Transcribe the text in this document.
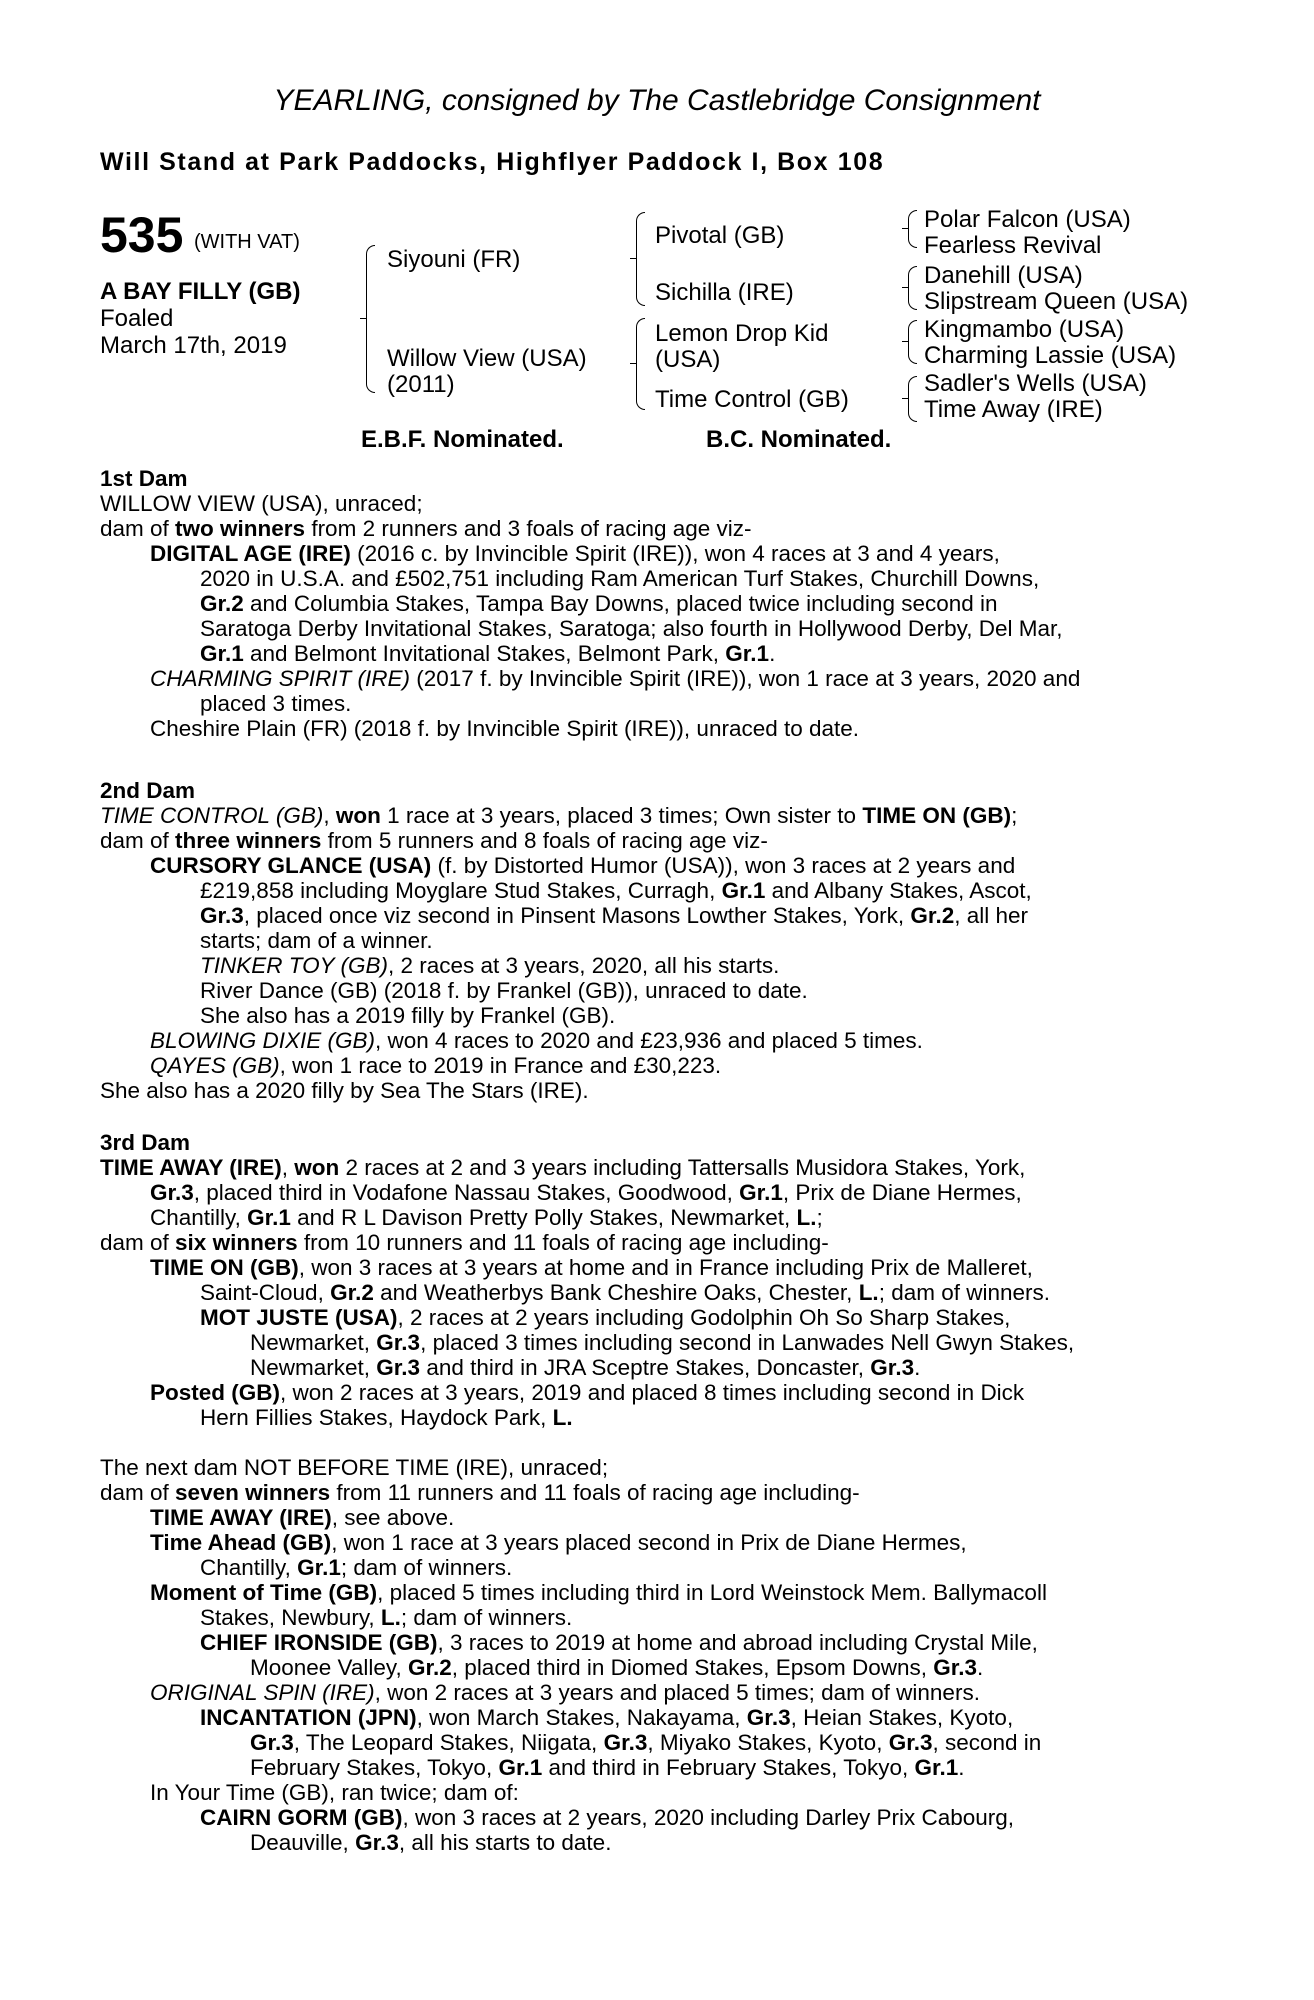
YEARLING, consigned by The Castlebridge Consignment
Will Stand at Park Paddocks, Highflyer Paddock I, Box 108
535 (WITH VAT)
A BAY FILLY (GB)
Foaled
March 17th, 2019
Siyouni (FR)
Willow View (USA)
(2011)
Pivotal (GB)
Sichilla (IRE)
Lemon Drop Kid
(USA)
Time Control (GB)
Polar Falcon (USA)
Fearless Revival
Danehill (USA)
Slipstream Queen (USA)
Kingmambo (USA)
Charming Lassie (USA)
Sadler's Wells (USA)
Time Away (IRE)
E.B.F. Nominated.	B.C. Nominated.
1st Dam
WILLOW VIEW (USA), unraced;
dam of two winners from 2 runners and 3 foals of racing age viz-
DIGITAL AGE (IRE) (2016 c. by Invincible Spirit (IRE)), won 4 races at 3 and 4 years,
2020 in U.S.A. and £502,751 including Ram American Turf Stakes, Churchill Downs,
Gr.2 and Columbia Stakes, Tampa Bay Downs, placed twice including second in
Saratoga Derby Invitational Stakes, Saratoga; also fourth in Hollywood Derby, Del Mar,
Gr.1 and Belmont Invitational Stakes, Belmont Park, Gr.1.
CHARMING SPIRIT (IRE) (2017 f. by Invincible Spirit (IRE)), won 1 race at 3 years, 2020 and
placed 3 times.
Cheshire Plain (FR) (2018 f. by Invincible Spirit (IRE)), unraced to date.
2nd Dam
TIME CONTROL (GB), won 1 race at 3 years, placed 3 times; Own sister to TIME ON (GB);
dam of three winners from 5 runners and 8 foals of racing age viz-
CURSORY GLANCE (USA) (f. by Distorted Humor (USA)), won 3 races at 2 years and
£219,858 including Moyglare Stud Stakes, Curragh, Gr.1 and Albany Stakes, Ascot,
Gr.3, placed once viz second in Pinsent Masons Lowther Stakes, York, Gr.2, all her
starts; dam of a winner.
TINKER TOY (GB), 2 races at 3 years, 2020, all his starts.
River Dance (GB) (2018 f. by Frankel (GB)), unraced to date.
She also has a 2019 filly by Frankel (GB).
BLOWING DIXIE (GB), won 4 races to 2020 and £23,936 and placed 5 times.
QAYES (GB), won 1 race to 2019 in France and £30,223.
She also has a 2020 filly by Sea The Stars (IRE).
3rd Dam
TIME AWAY (IRE), won 2 races at 2 and 3 years including Tattersalls Musidora Stakes, York,
Gr.3, placed third in Vodafone Nassau Stakes, Goodwood, Gr.1, Prix de Diane Hermes,
Chantilly, Gr.1 and R L Davison Pretty Polly Stakes, Newmarket, L.;
dam of six winners from 10 runners and 11 foals of racing age including-
TIME ON (GB), won 3 races at 3 years at home and in France including Prix de Malleret,
Saint-Cloud, Gr.2 and Weatherbys Bank Cheshire Oaks, Chester, L.; dam of winners.
MOT JUSTE (USA), 2 races at 2 years including Godolphin Oh So Sharp Stakes,
Newmarket, Gr.3, placed 3 times including second in Lanwades Nell Gwyn Stakes,
Newmarket, Gr.3 and third in JRA Sceptre Stakes, Doncaster, Gr.3.
Posted (GB), won 2 races at 3 years, 2019 and placed 8 times including second in Dick
Hern Fillies Stakes, Haydock Park, L.
The next dam NOT BEFORE TIME (IRE), unraced;
dam of seven winners from 11 runners and 11 foals of racing age including-
TIME AWAY (IRE), see above.
Time Ahead (GB), won 1 race at 3 years placed second in Prix de Diane Hermes,
Chantilly, Gr.1; dam of winners.
Moment of Time (GB), placed 5 times including third in Lord Weinstock Mem. Ballymacoll
Stakes, Newbury, L.; dam of winners.
CHIEF IRONSIDE (GB), 3 races to 2019 at home and abroad including Crystal Mile,
Moonee Valley, Gr.2, placed third in Diomed Stakes, Epsom Downs, Gr.3.
ORIGINAL SPIN (IRE), won 2 races at 3 years and placed 5 times; dam of winners.
INCANTATION (JPN), won March Stakes, Nakayama, Gr.3, Heian Stakes, Kyoto,
Gr.3, The Leopard Stakes, Niigata, Gr.3, Miyako Stakes, Kyoto, Gr.3, second in
February Stakes, Tokyo, Gr.1 and third in February Stakes, Tokyo, Gr.1.
In Your Time (GB), ran twice; dam of:
CAIRN GORM (GB), won 3 races at 2 years, 2020 including Darley Prix Cabourg,
Deauville, Gr.3, all his starts to date.
